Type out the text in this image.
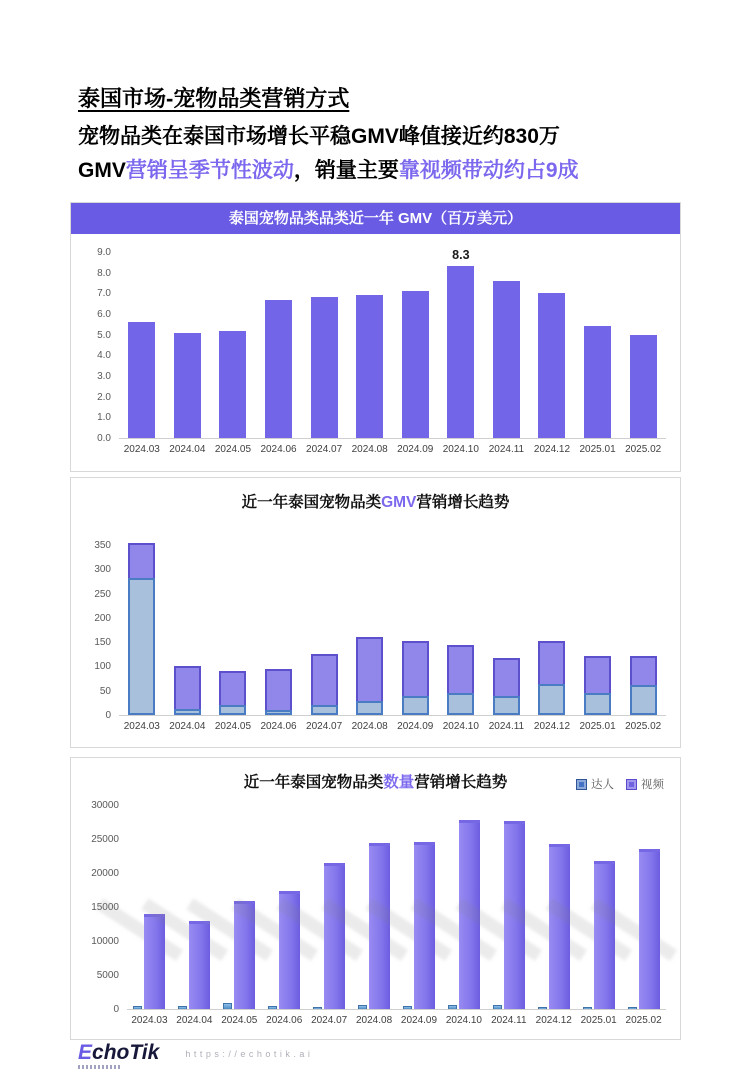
泰国市场-宠物品类营销方式

宠物品类在泰国市场增长平稳GMV峰值接近约830万

GMV营销呈季节性波动，销量主要靠视频带动约占9成

泰国宠物品类品类近一年 GMV（百万美元）
9.0
8.0
7.0
6.0
5.0
4.0
3.0
2.0
1.0
0.0
8.3
2024.03 2024.04 2024.05 2024.06 2024.07 2024.08 2024.09 2024.10 2024.11 2024.12 2025.01 2025.02
近一年泰国宠物品类GMV营销增长趋势
350
300
250
200
150
100
50
0
2024.03 2024.04 2024.05 2024.06 2024.07 2024.08 2024.09 2024.10 2024.11 2024.12 2025.01 2025.02
近一年泰国宠物品类数量营销增长趋势	达人 视频
30000
25000
20000
15000
10000
5000
0
2024.03 2024.04 2024.05 2024.06 2024.07 2024.08 2024.09 2024.10 2024.11 2024.12 2025.01 2025.02
EchoTik	https://echotik.ai
